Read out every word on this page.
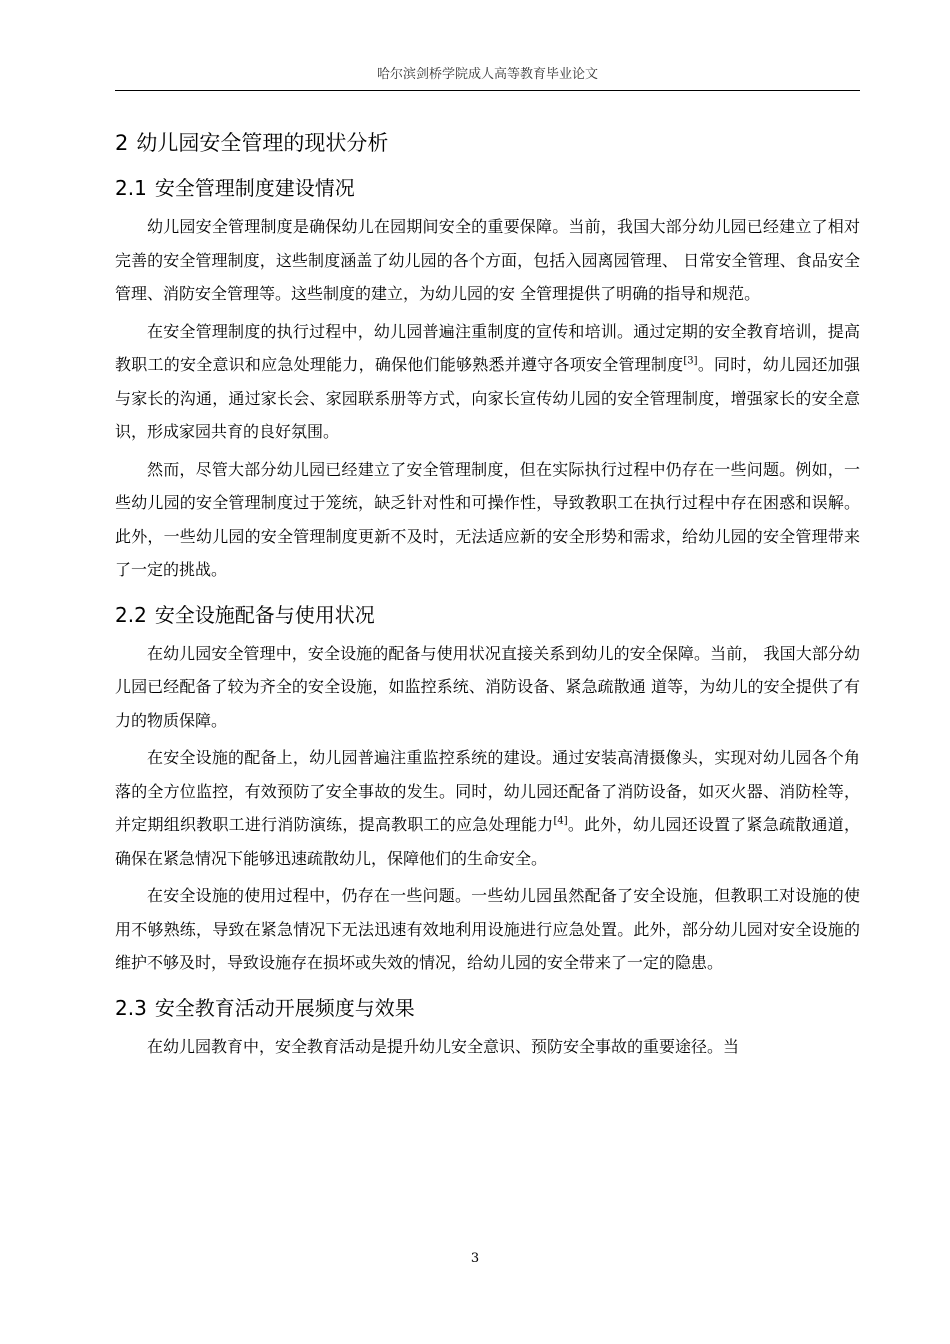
哈尔滨剑桥学院成人高等教育毕业论文
2 幼儿园安全管理的现状分析
2.1 安全管理制度建设情况

幼儿园安全管理制度是确保幼儿在园期间安全的重要保障。当前，我国大部分幼儿园已经建立了相对完善的安全管理制度，这些制度涵盖了幼儿园的各个方面，包括入园离园管理、 日常安全管理、食品安全管理、消防安全管理等。这些制度的建立，为幼儿园的安 全管理提供了明确的指导和规范。

在安全管理制度的执行过程中，幼儿园普遍注重制度的宣传和培训。通过定期的安全教育培训，提高教职工的安全意识和应急处理能力，确保他们能够熟悉并遵守各项安全管理制度[3]。同时，幼儿园还加强与家长的沟通，通过家长会、家园联系册等方式，向家长宣传幼儿园的安全管理制度，增强家长的安全意识，形成家园共育的良好氛围。

然而，尽管大部分幼儿园已经建立了安全管理制度，但在实际执行过程中仍存在一些问题。例如，一些幼儿园的安全管理制度过于笼统，缺乏针对性和可操作性，导致教职工在执行过程中存在困惑和误解。此外，一些幼儿园的安全管理制度更新不及时，无法适应新的安全形势和需求，给幼儿园的安全管理带来了一定的挑战。

2.2 安全设施配备与使用状况

在幼儿园安全管理中，安全设施的配备与使用状况直接关系到幼儿的安全保障。当前， 我国大部分幼儿园已经配备了较为齐全的安全设施，如监控系统、消防设备、紧急疏散通 道等，为幼儿的安全提供了有力的物质保障。

在安全设施的配备上，幼儿园普遍注重监控系统的建设。通过安装高清摄像头，实现对幼儿园各个角落的全方位监控，有效预防了安全事故的发生。同时，幼儿园还配备了消防设备，如灭火器、消防栓等，并定期组织教职工进行消防演练，提高教职工的应急处理能力[4]。此外，幼儿园还设置了紧急疏散通道，确保在紧急情况下能够迅速疏散幼儿，保障他们的生命安全。

在安全设施的使用过程中，仍存在一些问题。一些幼儿园虽然配备了安全设施，但教职工对设施的使用不够熟练，导致在紧急情况下无法迅速有效地利用设施进行应急处置。此外，部分幼儿园对安全设施的维护不够及时，导致设施存在损坏或失效的情况，给幼儿园的安全带来了一定的隐患。

2.3 安全教育活动开展频度与效果

在幼儿园教育中，安全教育活动是提升幼儿安全意识、预防安全事故的重要途径。当

3
